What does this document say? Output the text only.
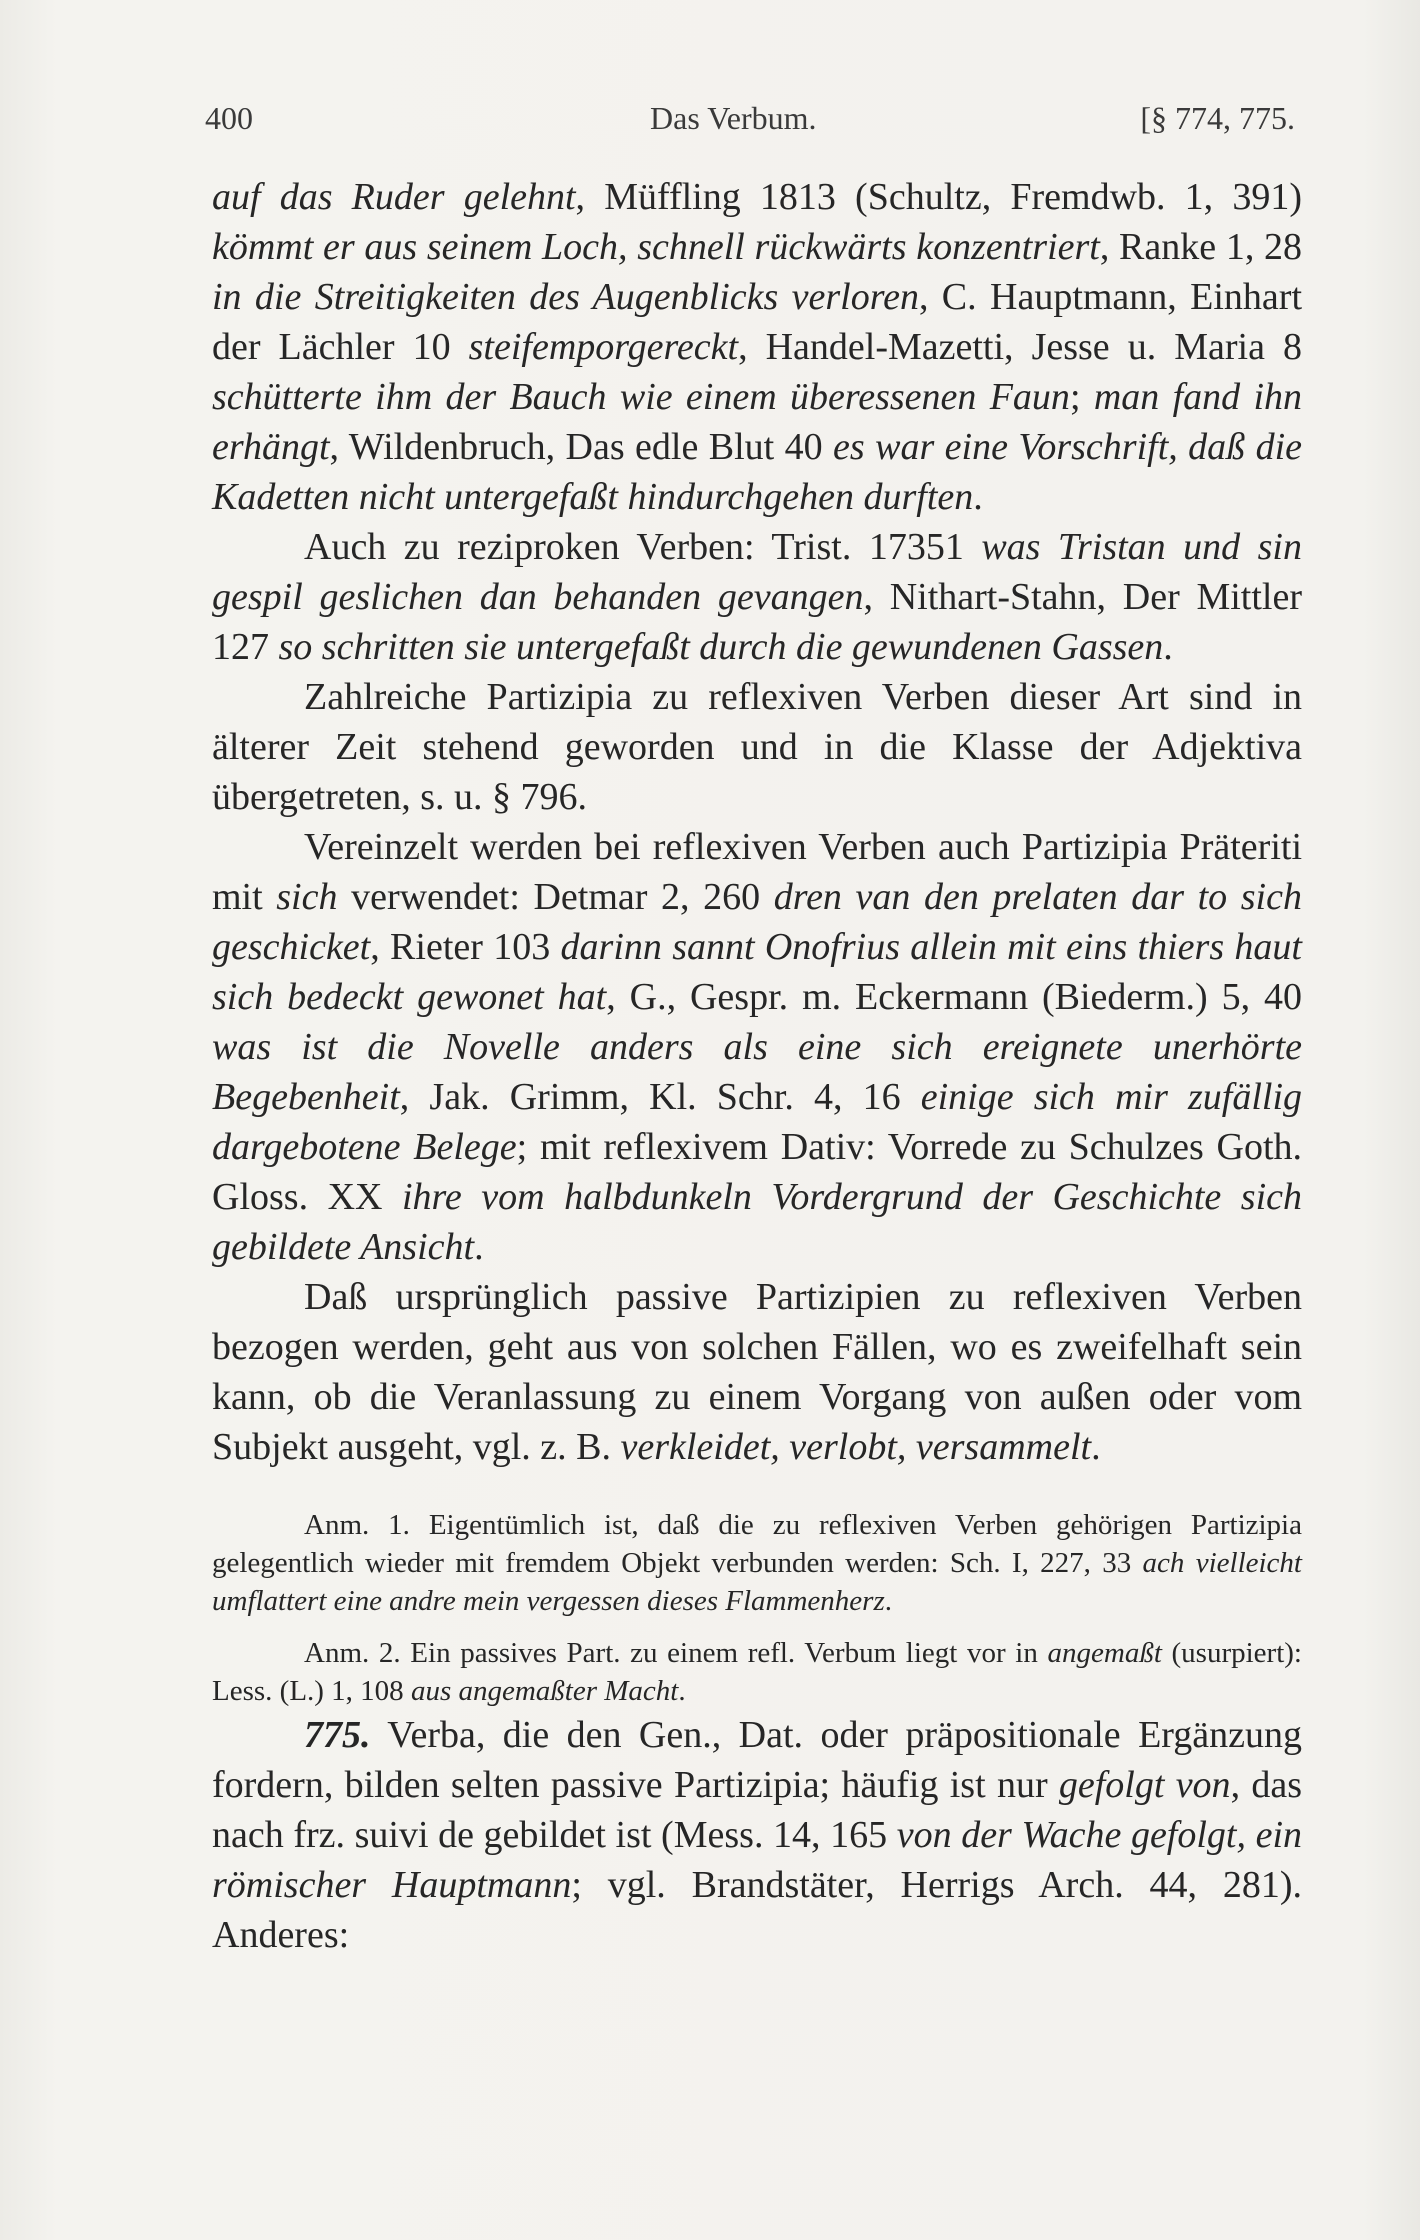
400	Das Verbum.	[§ 774, 775.

auf das Ruder gelehnt, Müffling 1813 (Schultz, Fremdwb. 1, 391) kömmt er aus seinem Loch, schnell rückwärts konzentriert, Ranke 1, 28 in die Streitigkeiten des Augenblicks verloren, C. Hauptmann, Einhart der Lächler 10 steifemporgereckt, Handel-Mazetti, Jesse u. Maria 8 schütterte ihm der Bauch wie einem überessenen Faun; man fand ihn erhängt, Wildenbruch, Das edle Blut 40 es war eine Vorschrift, daß die Kadetten nicht untergefaßt hindurchgehen durften.

Auch zu reziproken Verben: Trist. 17351 was Tristan und sin gespil geslichen dan behanden gevangen, Nithart-Stahn, Der Mittler 127 so schritten sie untergefaßt durch die gewundenen Gassen.

Zahlreiche Partizipia zu reflexiven Verben dieser Art sind in älterer Zeit stehend geworden und in die Klasse der Adjektiva übergetreten, s. u. § 796.

Vereinzelt werden bei reflexiven Verben auch Partizipia Präteriti mit sich verwendet: Detmar 2, 260 dren van den prelaten dar to sich geschicket, Rieter 103 darinn sannt Onofrius allein mit eins thiers haut sich bedeckt gewonet hat, G., Gespr. m. Eckermann (Biederm.) 5, 40 was ist die Novelle anders als eine sich ereignete unerhörte Begebenheit, Jak. Grimm, Kl. Schr. 4, 16 einige sich mir zufällig dargebotene Belege; mit reflexivem Dativ: Vorrede zu Schulzes Goth. Gloss. XX ihre vom halbdunkeln Vordergrund der Geschichte sich gebildete Ansicht.

Daß ursprünglich passive Partizipien zu reflexiven Verben bezogen werden, geht aus von solchen Fällen, wo es zweifelhaft sein kann, ob die Veranlassung zu einem Vorgang von außen oder vom Subjekt ausgeht, vgl. z. B. verkleidet, verlobt, versammelt.

Anm. 1. Eigentümlich ist, daß die zu reflexiven Verben gehörigen Partizipia gelegentlich wieder mit fremdem Objekt verbunden werden: Sch. I, 227, 33 ach vielleicht umflattert eine andre mein vergessen dieses Flammenherz.

Anm. 2. Ein passives Part. zu einem refl. Verbum liegt vor in angemaßt (usurpiert): Less. (L.) 1, 108 aus angemaßter Macht.

775. Verba, die den Gen., Dat. oder präpositionale Ergänzung fordern, bilden selten passive Partizipia; häufig ist nur gefolgt von, das nach frz. suivi de gebildet ist (Mess. 14, 165 von der Wache gefolgt, ein römischer Hauptmann; vgl. Brandstäter, Herrigs Arch. 44, 281). Anderes:
